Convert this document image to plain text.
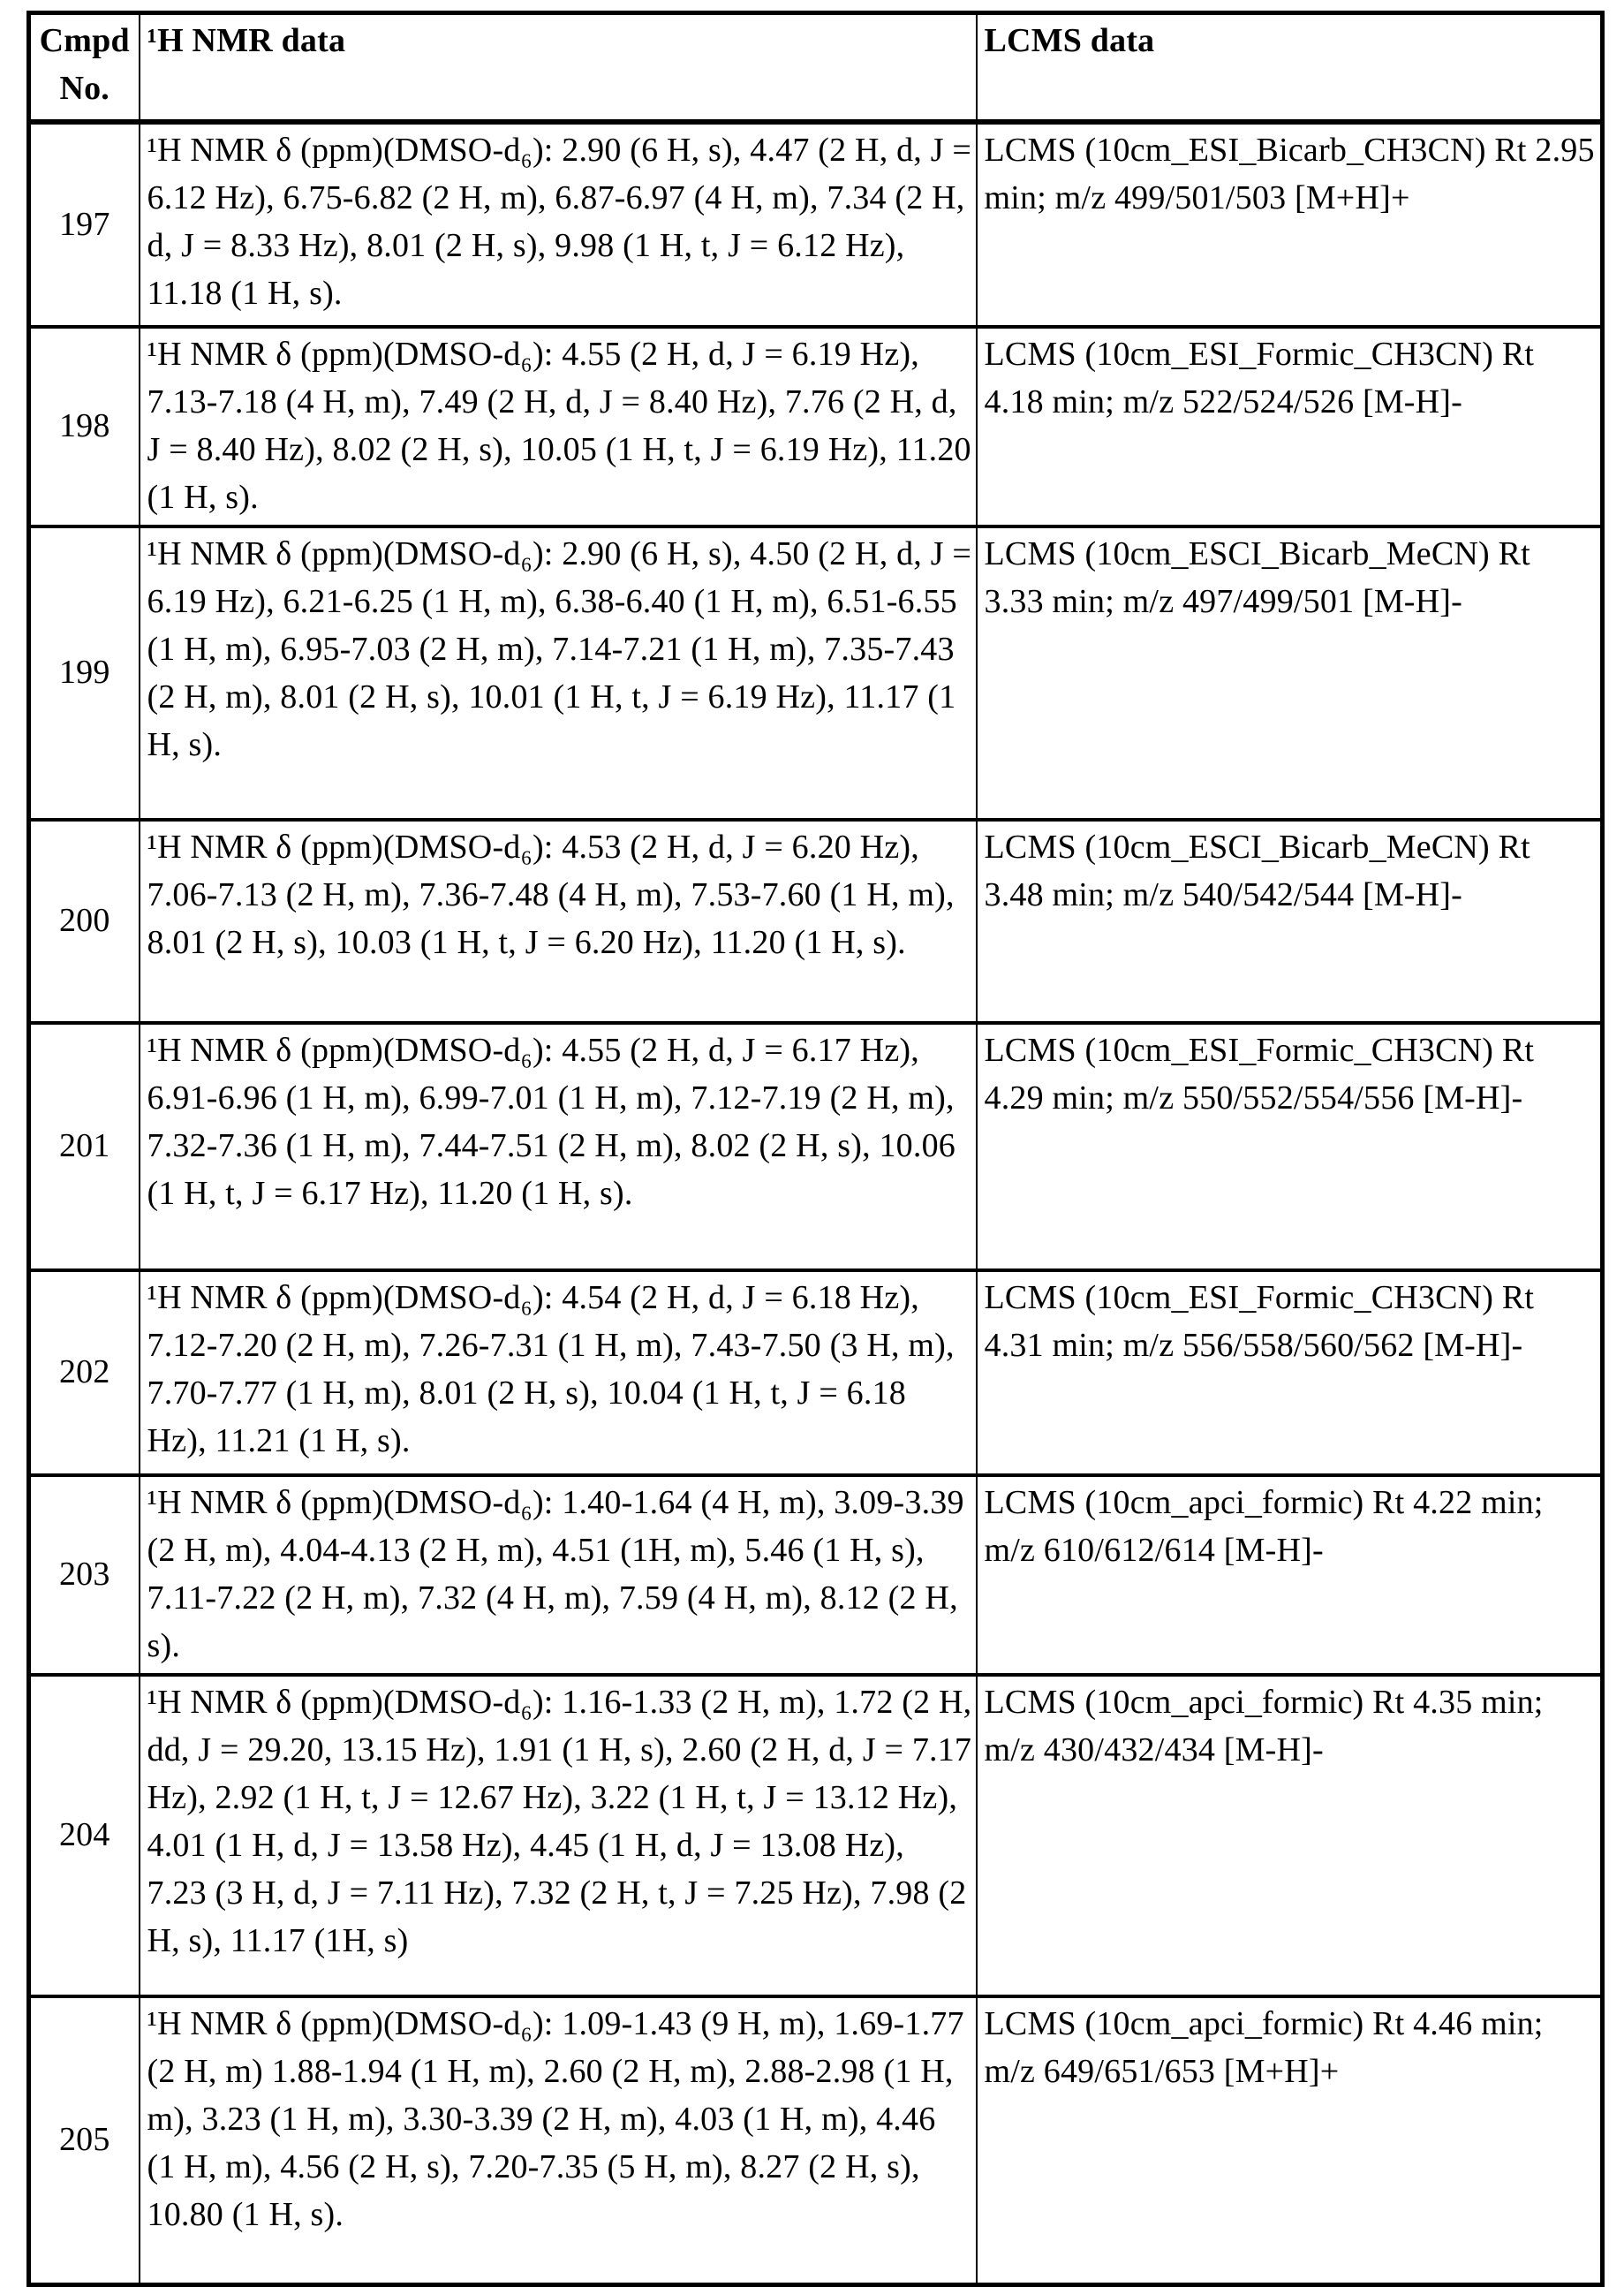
Cmpd No.	¹H NMR data	LCMS data
197	¹H NMR δ (ppm)(DMSO-d₆): 2.90 (6 H, s), 4.47 (2 H, d, J = 6.12 Hz), 6.75-6.82 (2 H, m), 6.87-6.97 (4 H, m), 7.34 (2 H, d, J = 8.33 Hz), 8.01 (2 H, s), 9.98 (1 H, t, J = 6.12 Hz), 11.18 (1 H, s).	LCMS (10cm_ESI_Bicarb_CH3CN) Rt 2.95 min; m/z 499/501/503 [M+H]+
198	¹H NMR δ (ppm)(DMSO-d₆): 4.55 (2 H, d, J = 6.19 Hz), 7.13-7.18 (4 H, m), 7.49 (2 H, d, J = 8.40 Hz), 7.76 (2 H, d, J = 8.40 Hz), 8.02 (2 H, s), 10.05 (1 H, t, J = 6.19 Hz), 11.20 (1 H, s).	LCMS (10cm_ESI_Formic_CH3CN) Rt 4.18 min; m/z 522/524/526 [M-H]-
199	¹H NMR δ (ppm)(DMSO-d₆): 2.90 (6 H, s), 4.50 (2 H, d, J = 6.19 Hz), 6.21-6.25 (1 H, m), 6.38-6.40 (1 H, m), 6.51-6.55 (1 H, m), 6.95-7.03 (2 H, m), 7.14-7.21 (1 H, m), 7.35-7.43 (2 H, m), 8.01 (2 H, s), 10.01 (1 H, t, J = 6.19 Hz), 11.17 (1 H, s).	LCMS (10cm_ESCI_Bicarb_MeCN) Rt 3.33 min; m/z 497/499/501 [M-H]-
200	¹H NMR δ (ppm)(DMSO-d₆): 4.53 (2 H, d, J = 6.20 Hz), 7.06-7.13 (2 H, m), 7.36-7.48 (4 H, m), 7.53-7.60 (1 H, m), 8.01 (2 H, s), 10.03 (1 H, t, J = 6.20 Hz), 11.20 (1 H, s).	LCMS (10cm_ESCI_Bicarb_MeCN) Rt 3.48 min; m/z 540/542/544 [M-H]-
201	¹H NMR δ (ppm)(DMSO-d₆): 4.55 (2 H, d, J = 6.17 Hz), 6.91-6.96 (1 H, m), 6.99-7.01 (1 H, m), 7.12-7.19 (2 H, m), 7.32-7.36 (1 H, m), 7.44-7.51 (2 H, m), 8.02 (2 H, s), 10.06 (1 H, t, J = 6.17 Hz), 11.20 (1 H, s).	LCMS (10cm_ESI_Formic_CH3CN) Rt 4.29 min; m/z 550/552/554/556 [M-H]-
202	¹H NMR δ (ppm)(DMSO-d₆): 4.54 (2 H, d, J = 6.18 Hz), 7.12-7.20 (2 H, m), 7.26-7.31 (1 H, m), 7.43-7.50 (3 H, m), 7.70-7.77 (1 H, m), 8.01 (2 H, s), 10.04 (1 H, t, J = 6.18 Hz), 11.21 (1 H, s).	LCMS (10cm_ESI_Formic_CH3CN) Rt 4.31 min; m/z 556/558/560/562 [M-H]-
203	¹H NMR δ (ppm)(DMSO-d₆): 1.40-1.64 (4 H, m), 3.09-3.39 (2 H, m), 4.04-4.13 (2 H, m), 4.51 (1H, m), 5.46 (1 H, s), 7.11-7.22 (2 H, m), 7.32 (4 H, m), 7.59 (4 H, m), 8.12 (2 H, s).	LCMS (10cm_apci_formic) Rt 4.22 min; m/z 610/612/614 [M-H]-
204	¹H NMR δ (ppm)(DMSO-d₆): 1.16-1.33 (2 H, m), 1.72 (2 H, dd, J = 29.20, 13.15 Hz), 1.91 (1 H, s), 2.60 (2 H, d, J = 7.17 Hz), 2.92 (1 H, t, J = 12.67 Hz), 3.22 (1 H, t, J = 13.12 Hz), 4.01 (1 H, d, J = 13.58 Hz), 4.45 (1 H, d, J = 13.08 Hz), 7.23 (3 H, d, J = 7.11 Hz), 7.32 (2 H, t, J = 7.25 Hz), 7.98 (2 H, s), 11.17 (1H, s)	LCMS (10cm_apci_formic) Rt 4.35 min; m/z 430/432/434 [M-H]-
205	¹H NMR δ (ppm)(DMSO-d₆): 1.09-1.43 (9 H, m), 1.69-1.77 (2 H, m) 1.88-1.94 (1 H, m), 2.60 (2 H, m), 2.88-2.98 (1 H, m), 3.23 (1 H, m), 3.30-3.39 (2 H, m), 4.03 (1 H, m), 4.46 (1 H, m), 4.56 (2 H, s), 7.20-7.35 (5 H, m), 8.27 (2 H, s), 10.80 (1 H, s).	LCMS (10cm_apci_formic) Rt 4.46 min; m/z 649/651/653 [M+H]+
